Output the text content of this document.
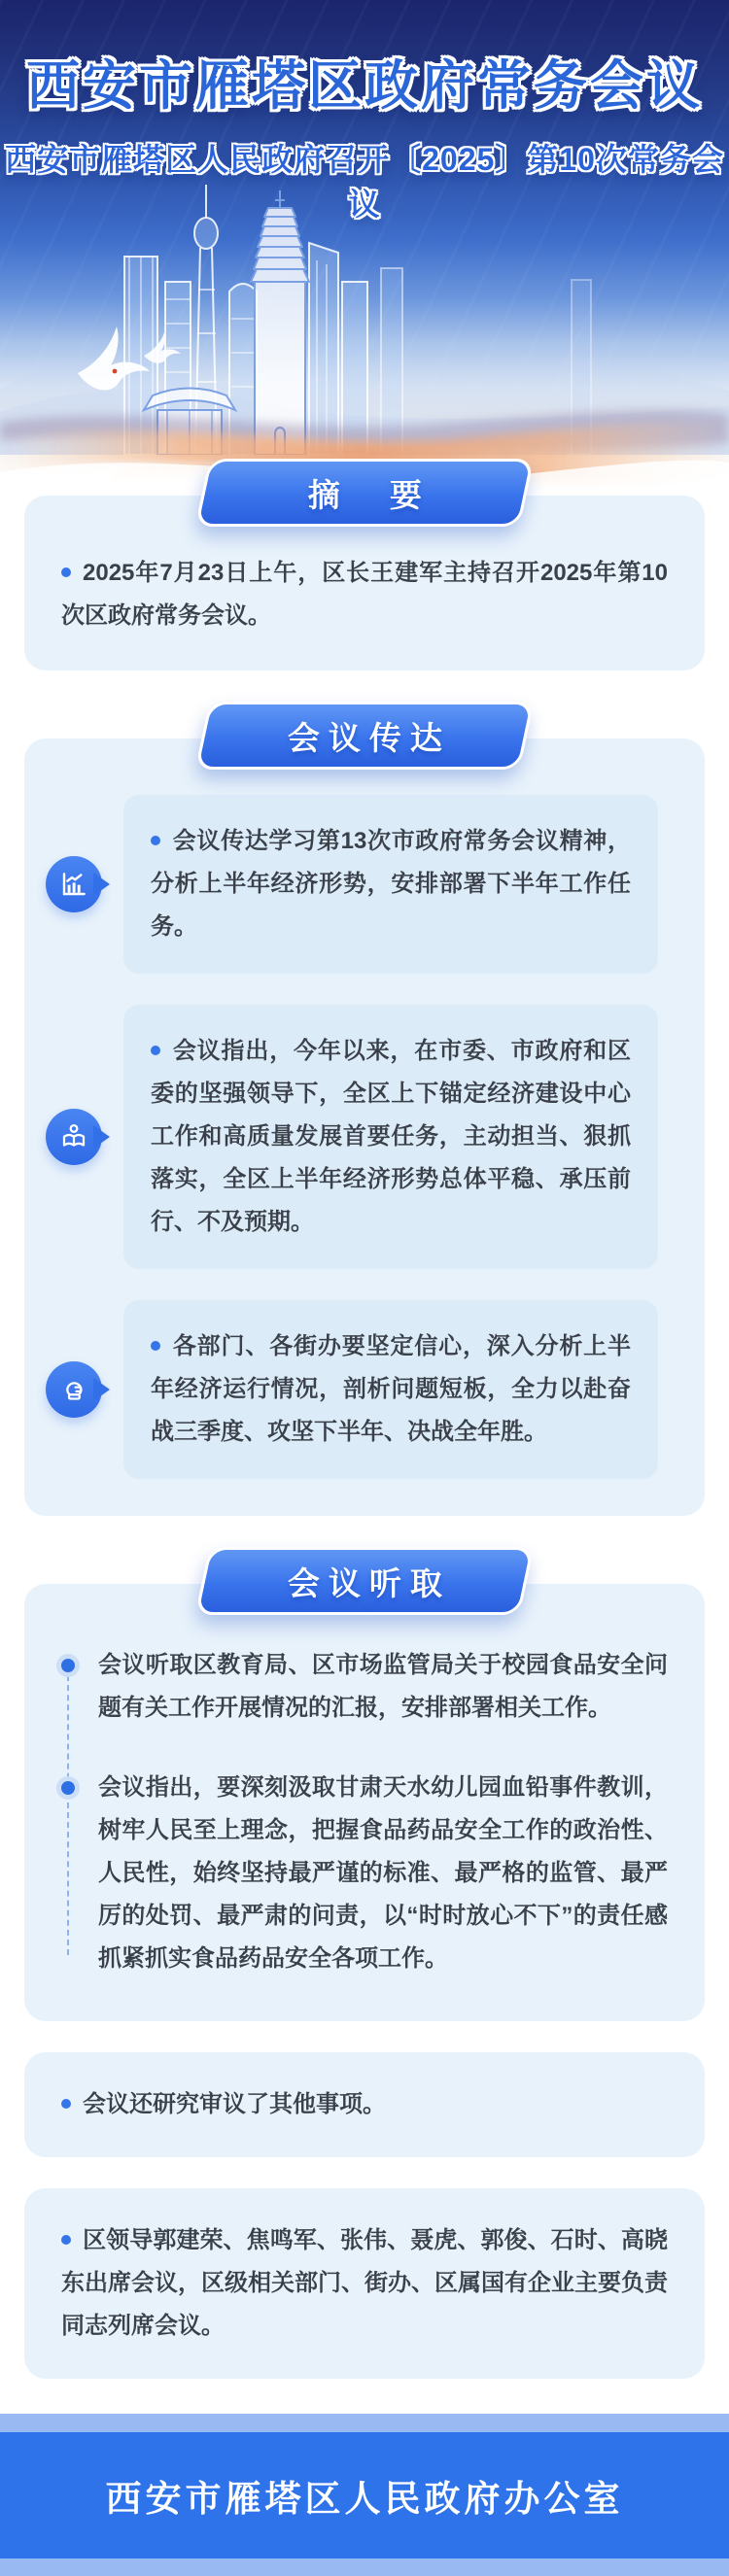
西安市雁塔区政府常务会议
西安市雁塔区人民政府召开〔2025〕第10次常务会议
摘　要

2025年7月23日上午，区长王建军主持召开2025年第10次区政府常务会议。

会议传达

会议传达学习第13次市政府常务会议精神，分析上半年经济形势，安排部署下半年工作任务。

会议指出，今年以来，在市委、市政府和区委的坚强领导下，全区上下锚定经济建设中心工作和高质量发展首要任务，主动担当、狠抓落实，全区上半年经济形势总体平稳、承压前行、不及预期。

各部门、各街办要坚定信心，深入分析上半年经济运行情况，剖析问题短板，全力以赴奋战三季度、攻坚下半年、决战全年胜。

会议听取

会议听取区教育局、区市场监管局关于校园食品安全问题有关工作开展情况的汇报，安排部署相关工作。

会议指出，要深刻汲取甘肃天水幼儿园血铅事件教训，树牢人民至上理念，把握食品药品安全工作的政治性、人民性，始终坚持最严谨的标准、最严格的监管、最严厉的处罚、最严肃的问责，以“时时放心不下”的责任感抓紧抓实食品药品安全各项工作。

会议还研究审议了其他事项。

区领导郭建荣、焦鸣军、张伟、聂虎、郭俊、石时、高晓东出席会议，区级相关部门、街办、区属国有企业主要负责同志列席会议。

西安市雁塔区人民政府办公室
